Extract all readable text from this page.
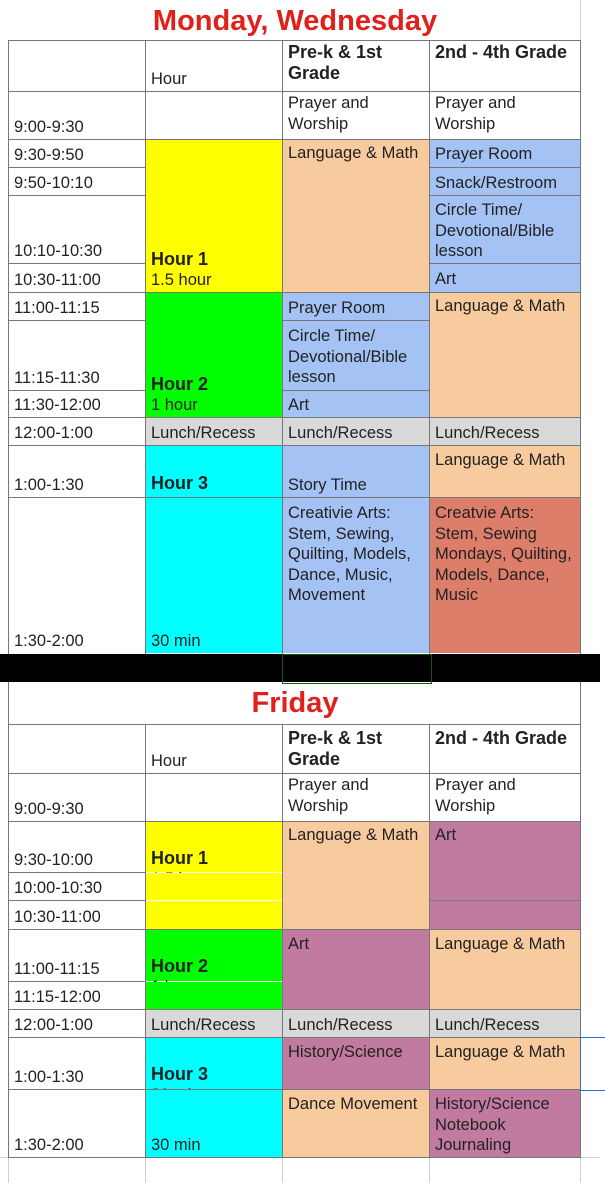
Monday, Wednesday
Hour
Pre-k & 1st Grade
2nd - 4th Grade
9:00-9:30
9:30-9:50
9:50-10:10
10:10-10:30
10:30-11:00
11:00-11:15
11:15-11:30
11:30-12:00
12:00-1:00
1:00-1:30
1:30-2:00
Hour 1
1.5 hour
Hour 2
1 hour
Lunch/Recess

Hour 3

30 min
Prayer and Worship
Language & Math
Prayer Room
Circle Time/ Devotional/Bible lesson
Art
Lunch/Recess
Story Time
Creativie Arts: Stem, Sewing, Quilting, Models, Dance, Music, Movement
Prayer and Worship
Prayer Room
Snack/Restroom
Circle Time/ Devotional/Bible lesson
Art
Language & Math
Lunch/Recess
Language & Math
Creatvie Arts: Stem, Sewing Mondays, Quilting, Models, Dance, Music
Friday
Hour
Pre-k & 1st Grade
2nd - 4th Grade
9:00-9:30
9:30-10:00
10:00-10:30
10:30-11:00
11:00-11:15
11:15-12:00
12:00-1:00
1:00-1:30
1:30-2:00

Hour 1

Hour 2

Lunch/Recess

Hour 3

30 min
Prayer and Worship
Language & Math
Art
Lunch/Recess
History/Science
Dance Movement
Prayer and Worship
Art
Language & Math
Lunch/Recess
Language & Math
History/Science Notebook Journaling
